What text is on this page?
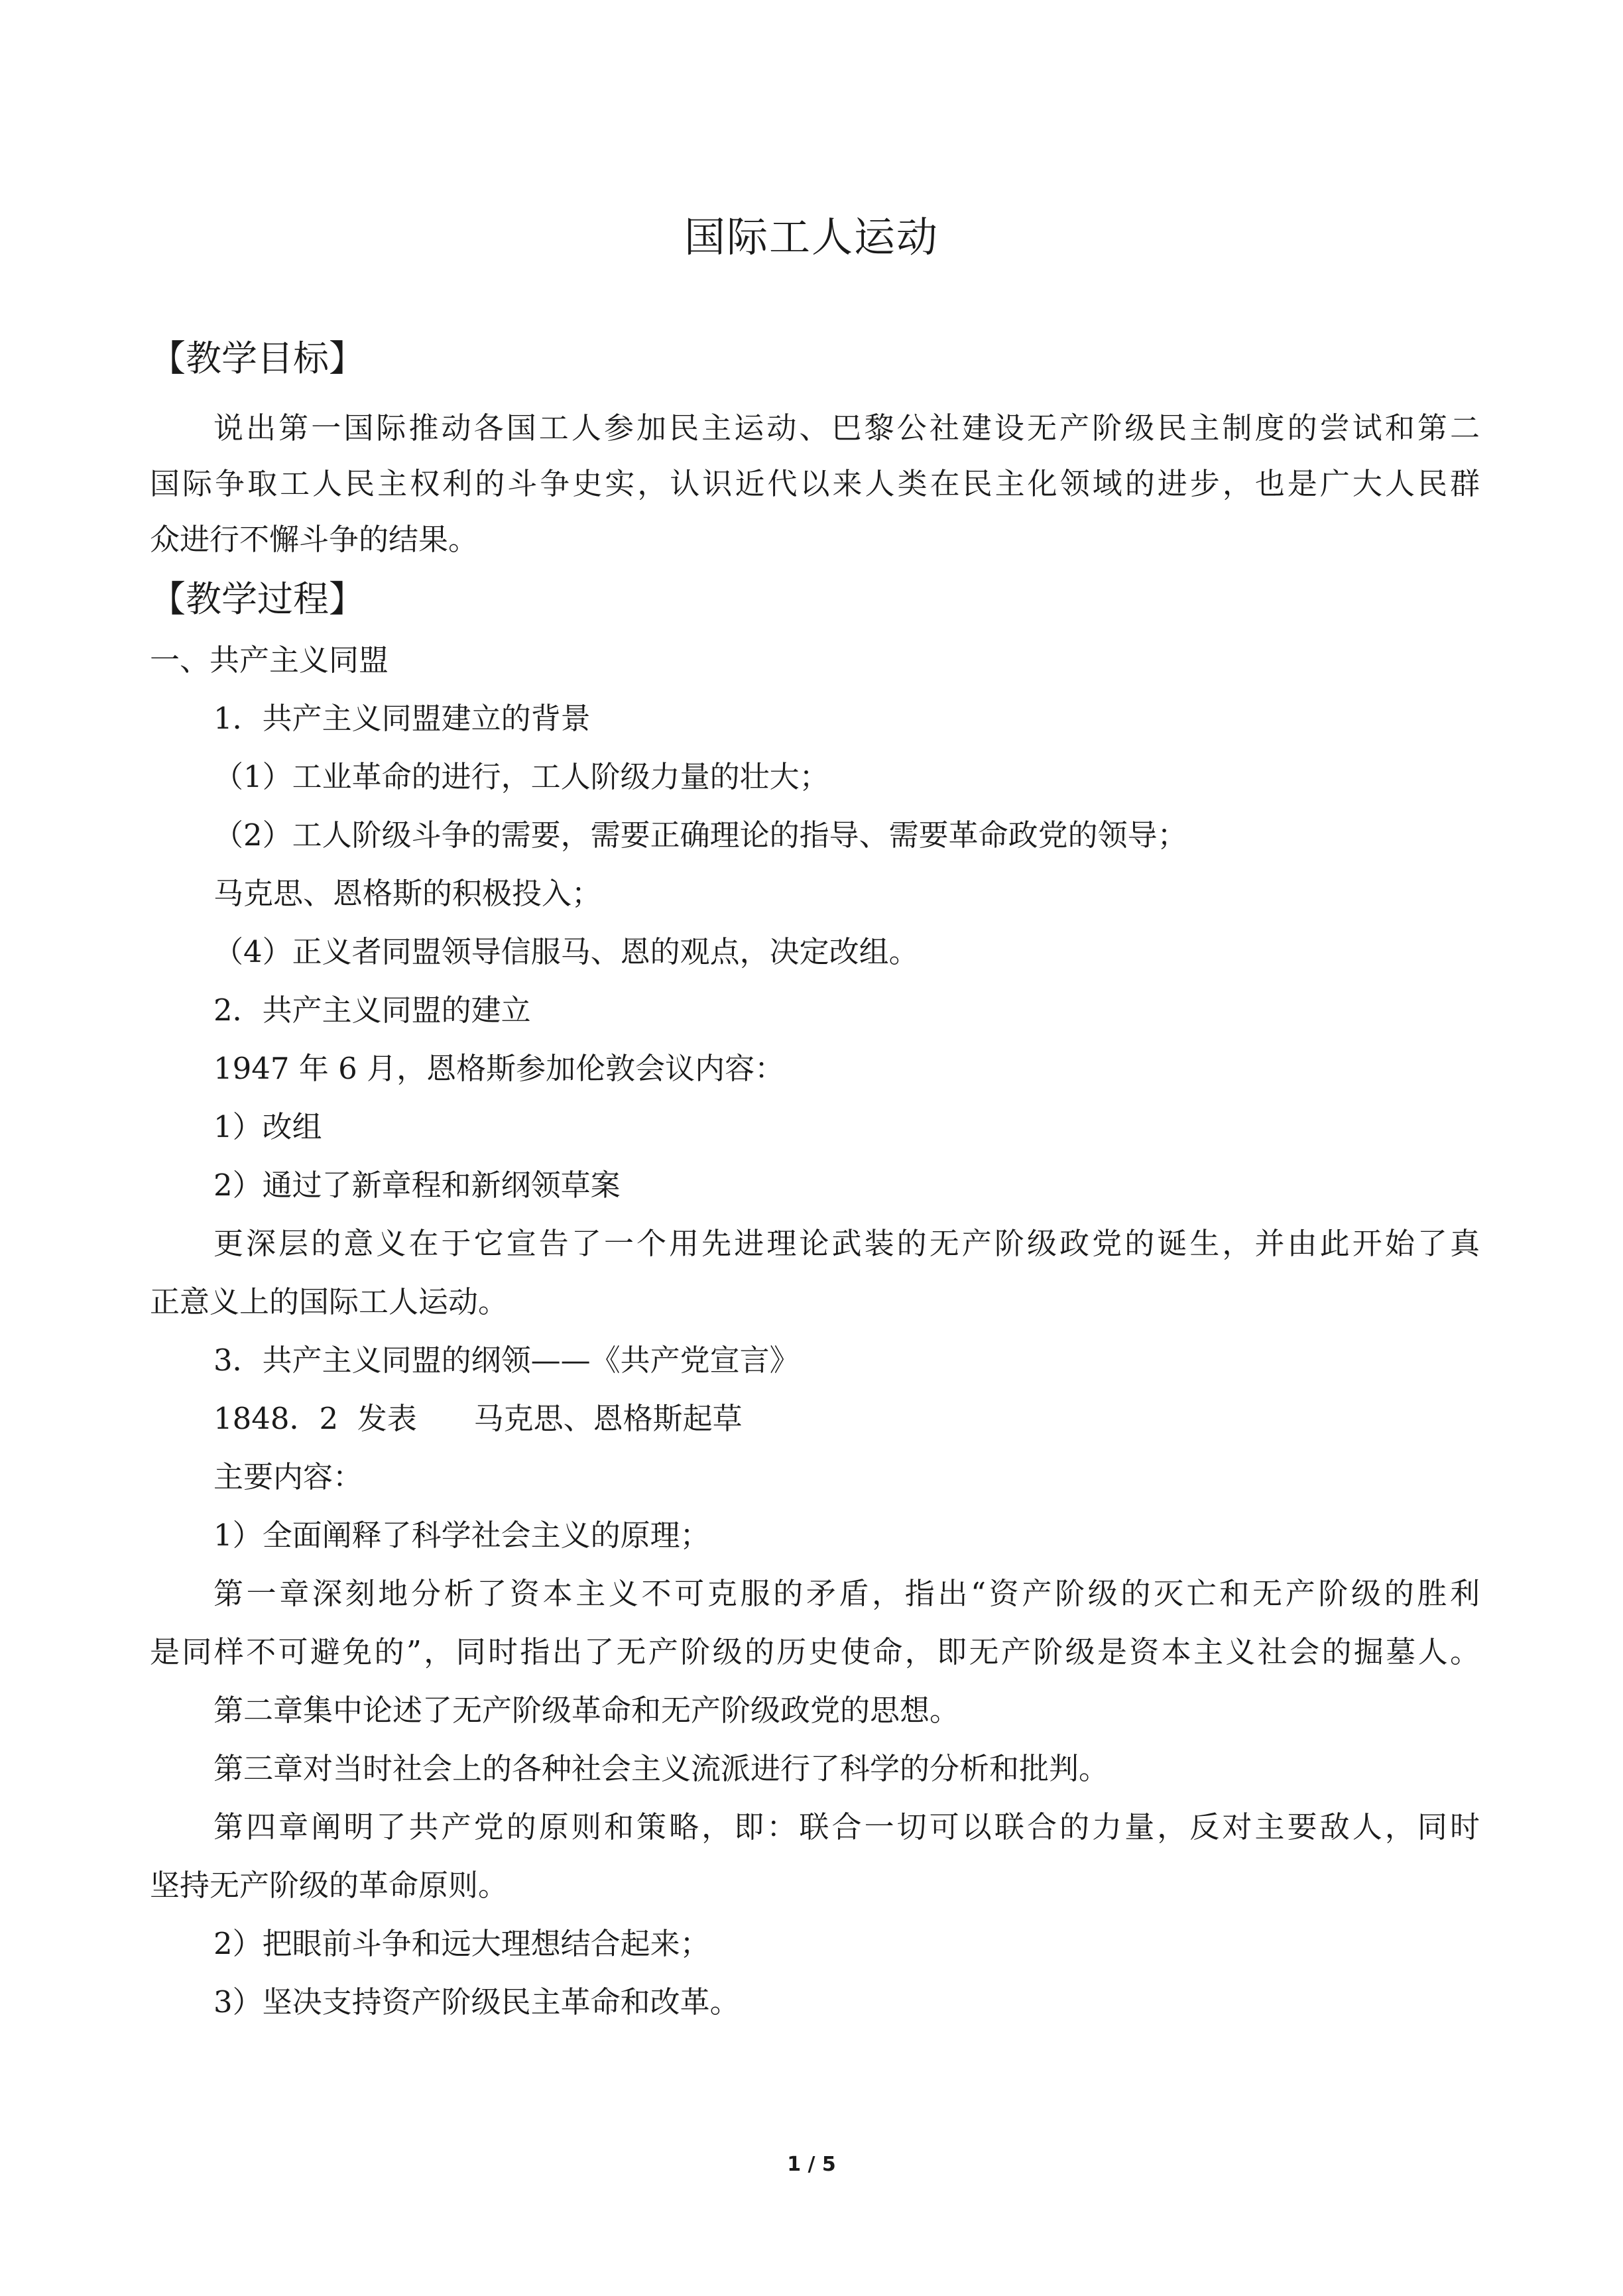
国际工人运动
【教学目标】
说出第一国际推动各国工人参加民主运动、巴黎公社建设无产阶级民主制度的尝试和第二
国际争取工人民主权利的斗争史实，认识近代以来人类在民主化领域的进步，也是广大人民群
众进行不懈斗争的结果。
【教学过程】
一、共产主义同盟
1．共产主义同盟建立的背景
（1）工业革命的进行，工人阶级力量的壮大；
（2）工人阶级斗争的需要，需要正确理论的指导、需要革命政党的领导；
马克思、恩格斯的积极投入；
（4）正义者同盟领导信服马、恩的观点，决定改组。
2．共产主义同盟的建立
1947 年 6 月，恩格斯参加伦敦会议内容：
1）改组
2）通过了新章程和新纲领草案
更深层的意义在于它宣告了一个用先进理论武装的无产阶级政党的诞生，并由此开始了真
正意义上的国际工人运动。
3．共产主义同盟的纲领——《共产党宣言》
1848．2  发表      马克思、恩格斯起草
主要内容：
1）全面阐释了科学社会主义的原理；
第一章深刻地分析了资本主义不可克服的矛盾，指出“资产阶级的灭亡和无产阶级的胜利
是同样不可避免的”，同时指出了无产阶级的历史使命，即无产阶级是资本主义社会的掘墓人。
第二章集中论述了无产阶级革命和无产阶级政党的思想。
第三章对当时社会上的各种社会主义流派进行了科学的分析和批判。
第四章阐明了共产党的原则和策略，即：联合一切可以联合的力量，反对主要敌人，同时
坚持无产阶级的革命原则。
2）把眼前斗争和远大理想结合起来；
3）坚决支持资产阶级民主革命和改革。
1 / 5
